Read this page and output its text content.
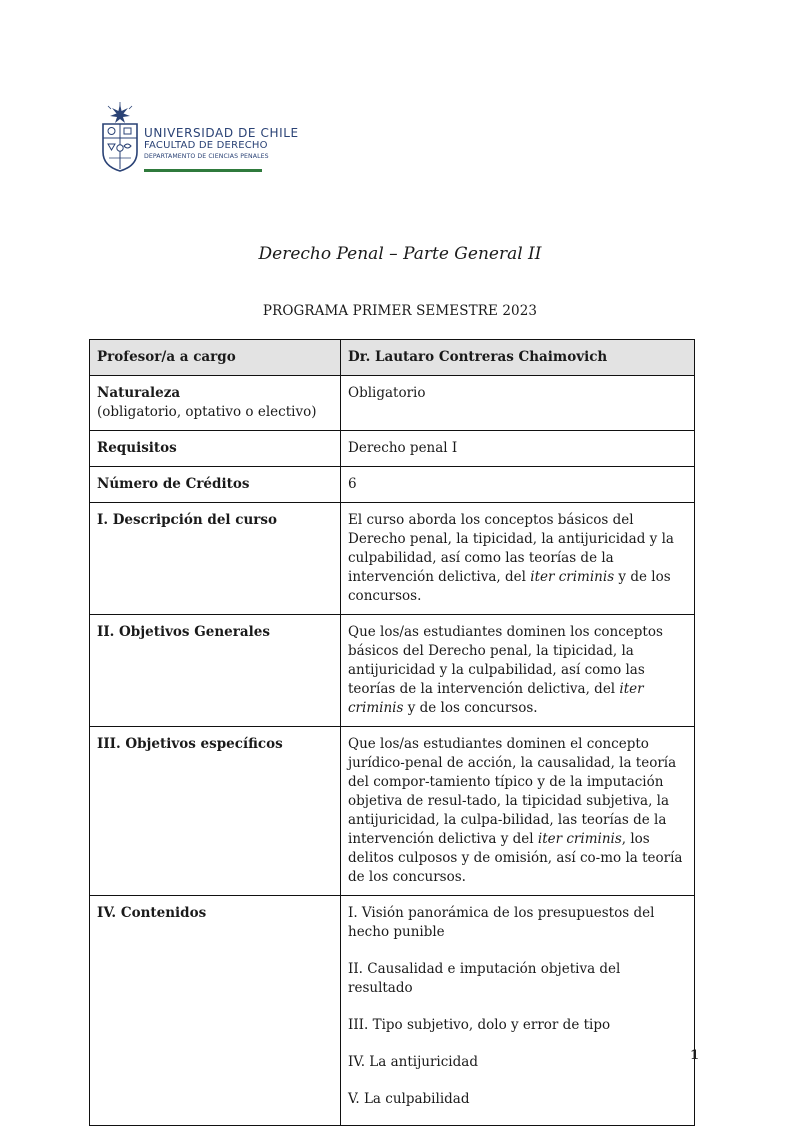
UNIVERSIDAD DE CHILE
FACULTAD DE DERECHO
DEPARTAMENTO DE CIENCIAS PENALES
Derecho Penal – Parte General II
PROGRAMA PRIMER SEMESTRE 2023
Profesor/a a cargo	Dr. Lautaro Contreras Chaimovich
Naturaleza
(obligatorio, optativo o electivo)	Obligatorio
Requisitos	Derecho penal I
Número de Créditos	6
I. Descripción del curso	El curso aborda los conceptos básicos del Derecho penal, la tipicidad, la antijuricidad y la culpabilidad, así como las teorías de la intervención delictiva, del iter criminis y de los concursos.
II. Objetivos Generales	Que los/as estudiantes dominen los conceptos básicos del Derecho penal, la tipicidad, la antijuricidad y la culpabilidad, así como las teorías de la intervención delictiva, del iter criminis y de los concursos.
III. Objetivos específicos	Que los/as estudiantes dominen el concepto jurídico-penal de acción, la causalidad, la teoría del compor-tamiento típico y de la imputación objetiva de resul-tado, la tipicidad subjetiva, la antijuricidad, la culpa-bilidad, las teorías de la intervención delictiva y del iter criminis, los delitos culposos y de omisión, así co-mo la teoría de los concursos.
IV. Contenidos	I. Visión panorámica de los presupuestos del hecho punible
II. Causalidad e imputación objetiva del resultado
III. Tipo subjetivo, dolo y error de tipo
IV. La antijuricidad
V. La culpabilidad
1
